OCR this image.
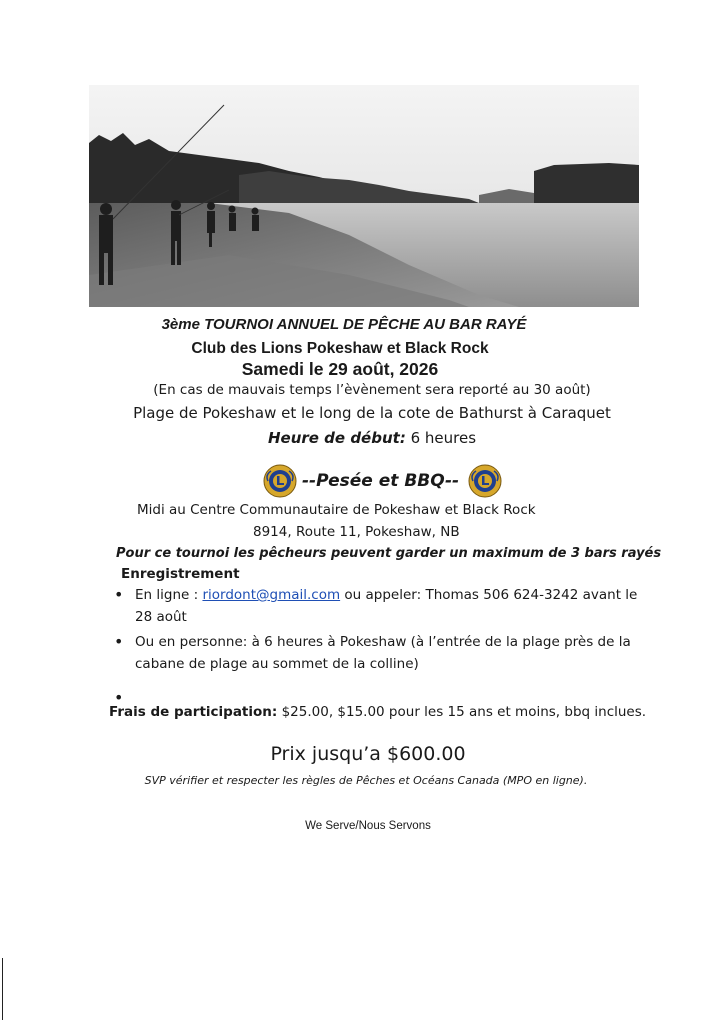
3ème TOURNOI ANNUEL DE PÊCHE AU BAR RAYÉ
Club des Lions Pokeshaw et Black Rock
Samedi le 29 août, 2026
(En cas de mauvais temps l’èvènement sera reporté au 30 août)
Plage de Pokeshaw et le long de la cote de Bathurst à Caraquet
Heure de début: 6 heures
--Pesée et BBQ--
Midi au Centre Communautaire de Pokeshaw et Black Rock
8914, Route 11, Pokeshaw, NB
Pour ce tournoi les pêcheurs peuvent garder un maximum de 3 bars rayés
Enregistrement
• En ligne : riordont@gmail.com ou appeler: Thomas 506 624-3242 avant le
28 août
• Ou en personne: à 6 heures à Pokeshaw (à l’entrée de la plage près de la
cabane de plage au sommet de la colline)
•
Frais de participation: $25.00, $15.00 pour les 15 ans et moins, bbq inclues.
Prix jusqu’a $600.00
SVP vérifier et respecter les règles de Pêches et Océans Canada (MPO en ligne).
We Serve/Nous Servons
